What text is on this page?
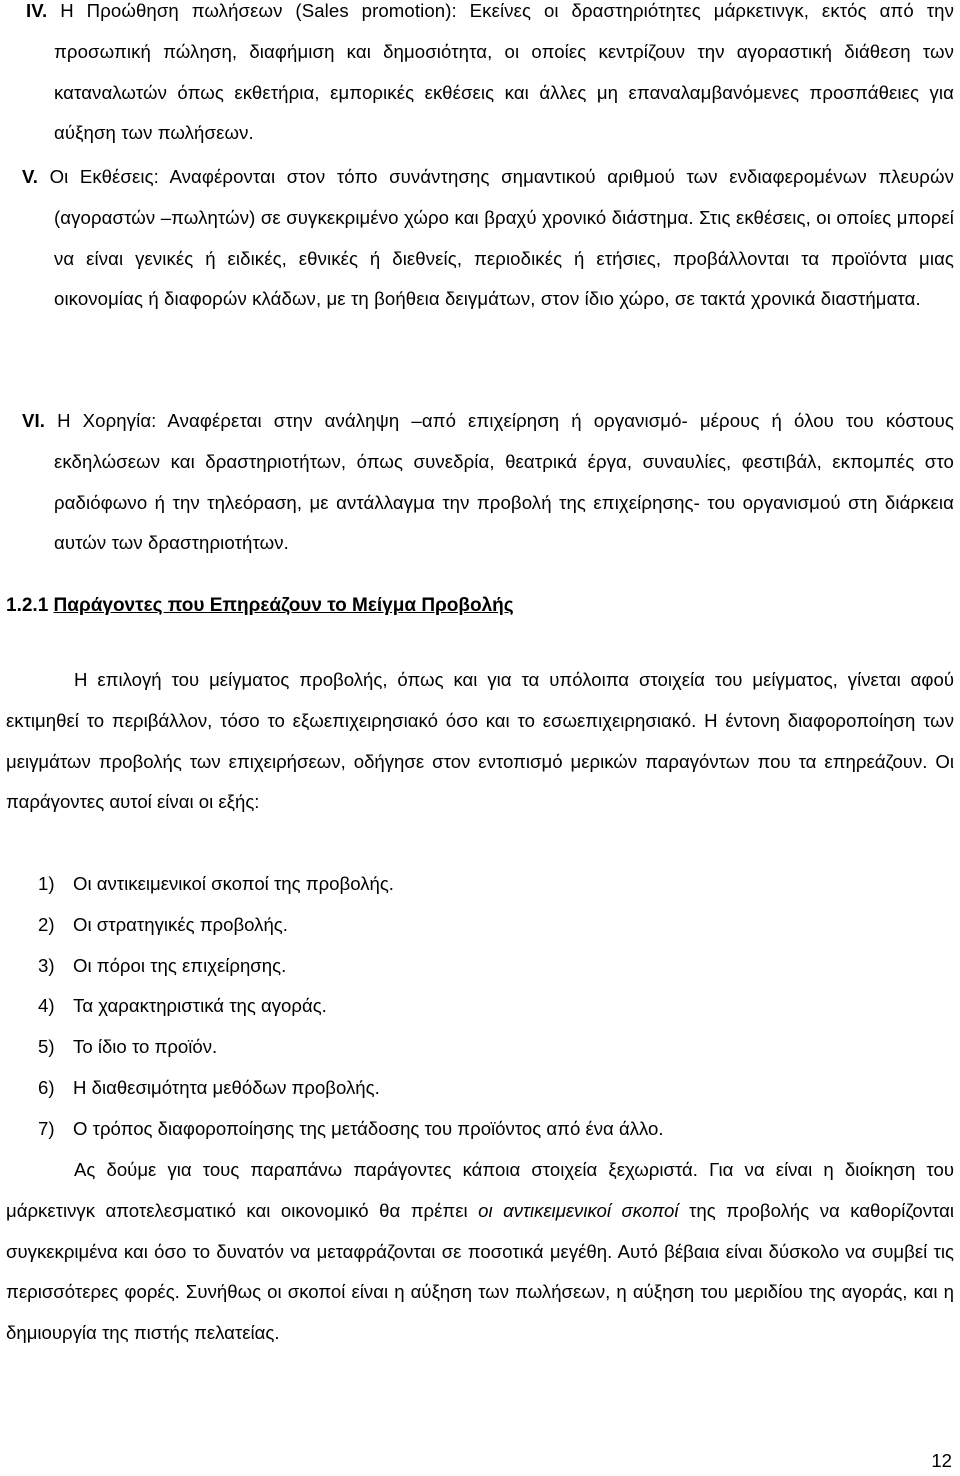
IV. Η Προώθηση πωλήσεων (Sales promotion): Εκείνες οι δραστηριότητες μάρκετινγκ, εκτός από την προσωπική πώληση, διαφήμιση και δημοσιότητα, οι οποίες κεντρίζουν την αγοραστική διάθεση των καταναλωτών όπως εκθετήρια, εμπορικές εκθέσεις και άλλες μη επαναλαμβανόμενες προσπάθειες για αύξηση των πωλήσεων.

V. Οι Εκθέσεις: Αναφέρονται στον τόπο συνάντησης σημαντικού αριθμού των ενδιαφερομένων πλευρών (αγοραστών –πωλητών) σε συγκεκριμένο χώρο και βραχύ χρονικό διάστημα. Στις εκθέσεις, οι οποίες μπορεί να είναι γενικές ή ειδικές, εθνικές ή διεθνείς, περιοδικές ή ετήσιες, προβάλλονται τα προϊόντα μιας οικονομίας ή διαφορών κλάδων, με τη βοήθεια δειγμάτων, στον ίδιο χώρο, σε τακτά χρονικά διαστήματα.

VI. Η Χορηγία: Αναφέρεται στην ανάληψη –από επιχείρηση ή οργανισμό- μέρους ή όλου του κόστους εκδηλώσεων και δραστηριοτήτων, όπως συνεδρία, θεατρικά έργα, συναυλίες, φεστιβάλ, εκπομπές στο ραδιόφωνο ή την τηλεόραση, με αντάλλαγμα την προβολή της επιχείρησης- του οργανισμού στη διάρκεια αυτών των δραστηριοτήτων.

1.2.1 Παράγοντες που Επηρεάζουν το Μείγμα Προβολής

Η επιλογή του μείγματος προβολής, όπως και για τα υπόλοιπα στοιχεία του μείγματος, γίνεται αφού εκτιμηθεί το περιβάλλον, τόσο το εξωεπιχειρησιακό όσο και το εσωεπιχειρησιακό. Η έντονη διαφοροποίηση των μειγμάτων προβολής των επιχειρήσεων, οδήγησε στον εντοπισμό μερικών παραγόντων που τα επηρεάζουν. Οι παράγοντες αυτοί είναι οι εξής:

1) Οι αντικειμενικοί σκοποί της προβολής.
2) Οι στρατηγικές προβολής.
3) Οι πόροι της επιχείρησης.
4) Τα χαρακτηριστικά της αγοράς.
5) Το ίδιο το προϊόν.
6) Η διαθεσιμότητα μεθόδων προβολής.
7) Ο τρόπος διαφοροποίησης της μετάδοσης του προϊόντος από ένα άλλο.

Ας δούμε για τους παραπάνω παράγοντες κάποια στοιχεία ξεχωριστά. Για να είναι η διοίκηση του μάρκετινγκ αποτελεσματικό και οικονομικό θα πρέπει οι αντικειμενικοί σκοποί της προβολής να καθορίζονται συγκεκριμένα και όσο το δυνατόν να μεταφράζονται σε ποσοτικά μεγέθη. Αυτό βέβαια είναι δύσκολο να συμβεί τις περισσότερες φορές. Συνήθως οι σκοποί είναι η αύξηση των πωλήσεων, η αύξηση του μεριδίου της αγοράς, και η δημιουργία της πιστής πελατείας.

12
